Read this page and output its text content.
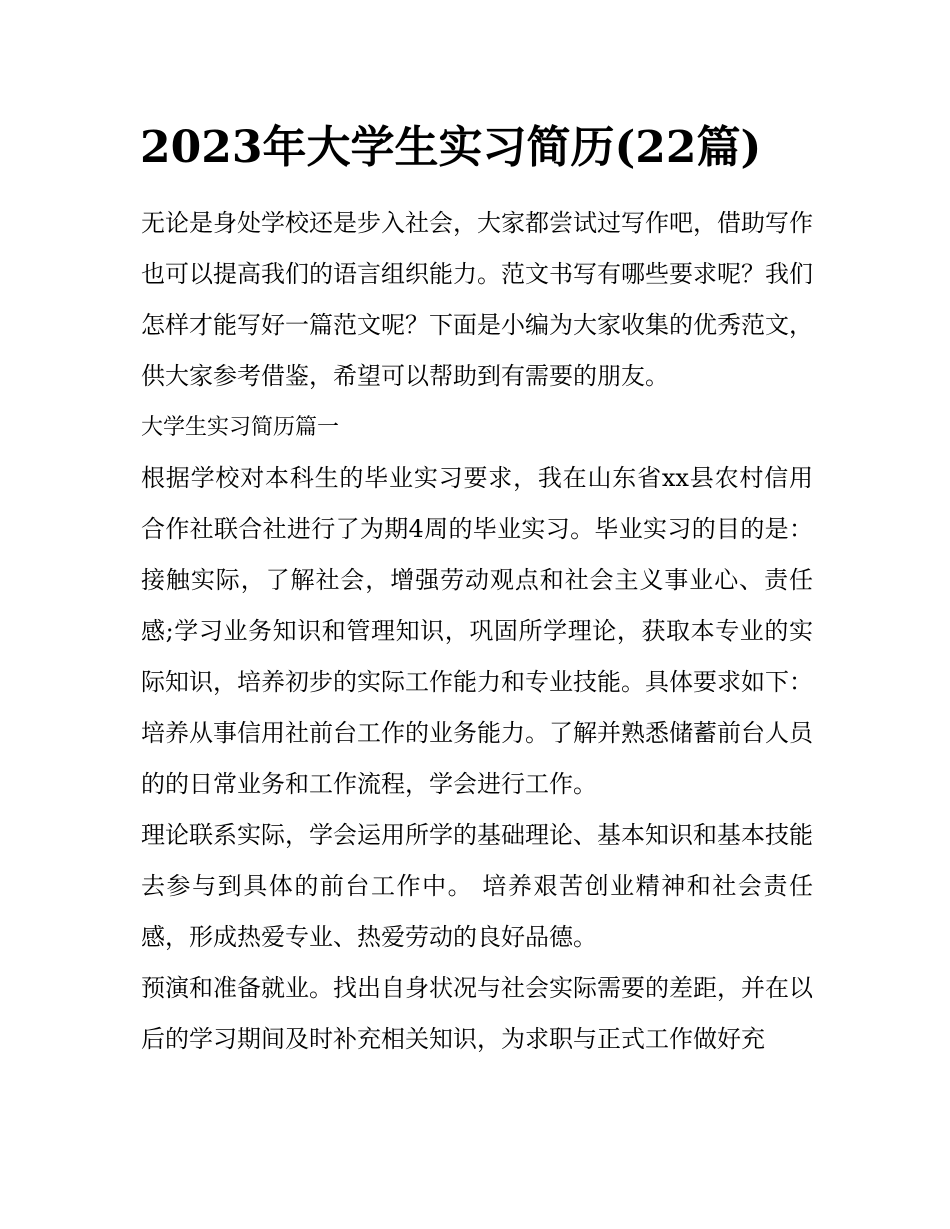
2023年大学生实习简历(22篇)

无论是身处学校还是步入社会，大家都尝试过写作吧，借助写作也可以提高我们的语言组织能力。范文书写有哪些要求呢？我们怎样才能写好一篇范文呢？下面是小编为大家收集的优秀范文，供大家参考借鉴，希望可以帮助到有需要的朋友。

大学生实习简历篇一

根据学校对本科生的毕业实习要求，我在山东省xx县农村信用合作社联合社进行了为期4周的毕业实习。毕业实习的目的是：接触实际，了解社会，增强劳动观点和社会主义事业心、责任感;学习业务知识和管理知识，巩固所学理论，获取本专业的实际知识，培养初步的实际工作能力和专业技能。具体要求如下：

培养从事信用社前台工作的业务能力。了解并熟悉储蓄前台人员的的日常业务和工作流程，学会进行工作。

理论联系实际，学会运用所学的基础理论、基本知识和基本技能去参与到具体的前台工作中。 培养艰苦创业精神和社会责任感，形成热爱专业、热爱劳动的良好品德。

预演和准备就业。找出自身状况与社会实际需要的差距，并在以后的学习期间及时补充相关知识，为求职与正式工作做好充
